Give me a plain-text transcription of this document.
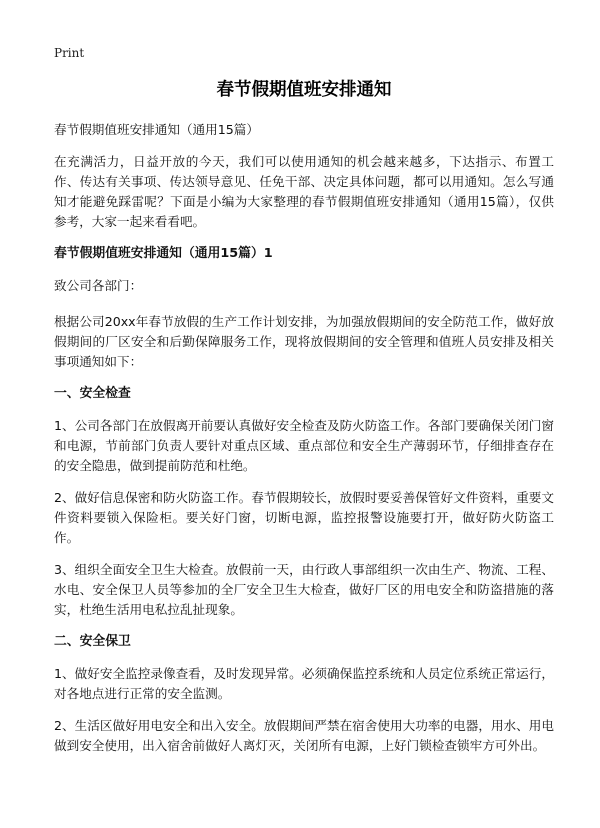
Print
春节假期值班安排通知

春节假期值班安排通知（通用15篇）

在充满活力，日益开放的今天，我们可以使用通知的机会越来越多，下达指示、布置工作、传达有关事项、传达领导意见、任免干部、决定具体问题，都可以用通知。怎么写通知才能避免踩雷呢？下面是小编为大家整理的春节假期值班安排通知（通用15篇），仅供参考，大家一起来看看吧。

春节假期值班安排通知（通用15篇）1

致公司各部门：

根据公司20xx年春节放假的生产工作计划安排，为加强放假期间的安全防范工作，做好放假期间的厂区安全和后勤保障服务工作，现将放假期间的安全管理和值班人员安排及相关事项通知如下：

一、安全检查

1、公司各部门在放假离开前要认真做好安全检查及防火防盗工作。各部门要确保关闭门窗和电源，节前部门负责人要针对重点区域、重点部位和安全生产薄弱环节，仔细排查存在的安全隐患，做到提前防范和杜绝。

2、做好信息保密和防火防盗工作。春节假期较长，放假时要妥善保管好文件资料，重要文件资料要锁入保险柜。要关好门窗，切断电源，监控报警设施要打开，做好防火防盗工作。

3、组织全面安全卫生大检查。放假前一天，由行政人事部组织一次由生产、物流、工程、水电、安全保卫人员等参加的全厂安全卫生大检查，做好厂区的用电安全和防盗措施的落实，杜绝生活用电私拉乱扯现象。

二、安全保卫

1、做好安全监控录像查看，及时发现异常。必须确保监控系统和人员定位系统正常运行，对各地点进行正常的安全监测。

2、生活区做好用电安全和出入安全。放假期间严禁在宿舍使用大功率的电器，用水、用电做到安全使用，出入宿舍前做好人离灯灭，关闭所有电源，上好门锁检查锁牢方可外出。
